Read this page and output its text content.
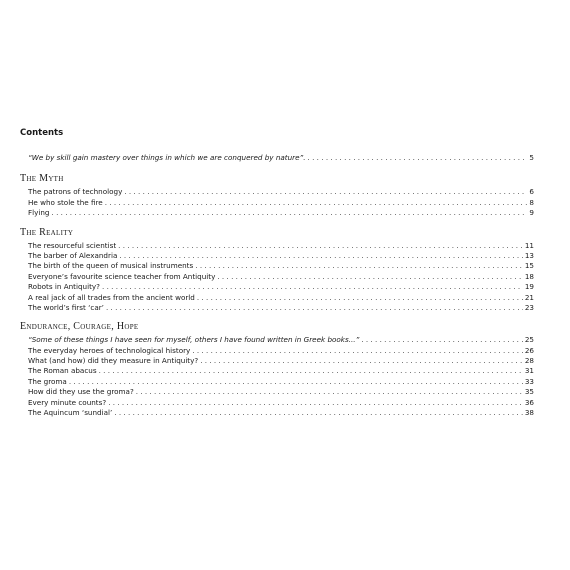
Contents
“We by skill gain mastery over things in which we are conquered by nature”. . . .	5
The Myth
The patrons of technology . . .	6
He who stole the fire . . .	8
Flying . . .	9
The Reality
The resourceful scientist . . .	11
The barber of Alexandria . . .	13
The birth of the queen of musical instruments . . .	15
Everyone’s favourite science teacher from Antiquity . . .	18
Robots in Antiquity? . . .	19
A real jack of all trades from the ancient world . . .	21
The world’s first ‘car’ . . .	23
Endurance, Courage, Hope
“Some of these things I have seen for myself, others I have found written in Greek books...” . . .	25
The everyday heroes of technological history . . .	26
What (and how) did they measure in Antiquity? . . .	28
The Roman abacus . . .	31
The groma . . .	33
How did they use the groma? . . .	35
Every minute counts? . . .	36
The Aquincum ‘sundial’ . . .	38
